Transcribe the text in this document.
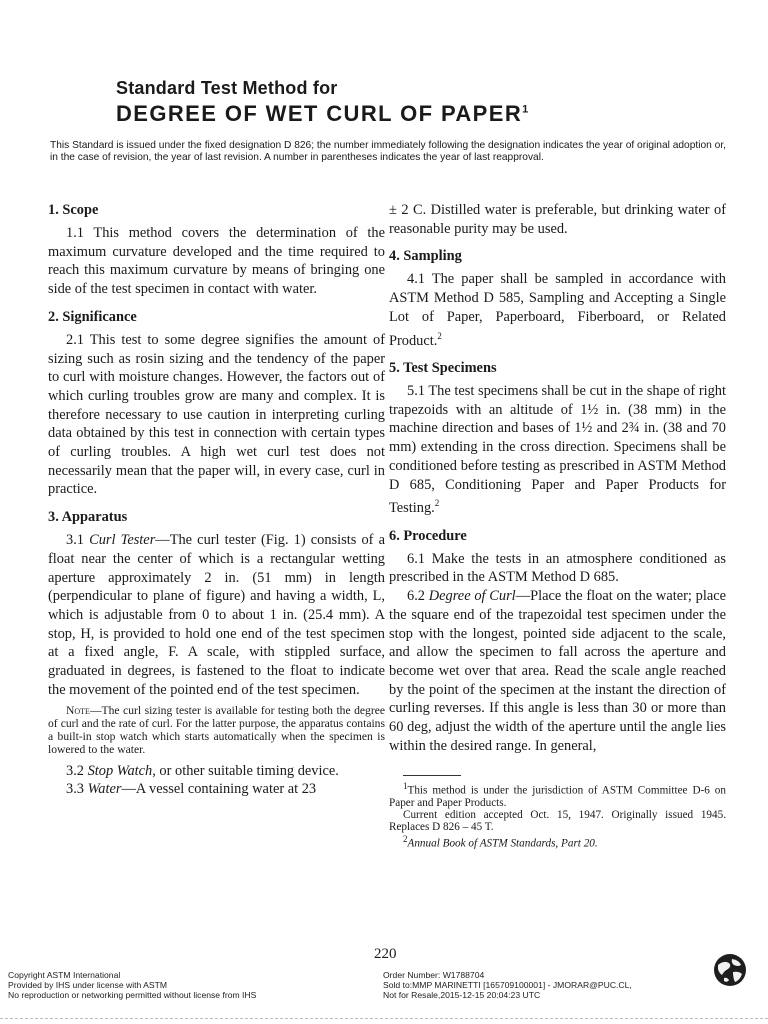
Standard Test Method for
DEGREE OF WET CURL OF PAPER$^1$
This Standard is issued under the fixed designation D 826; the number immediately following the designation indicates the year of original adoption or, in the case of revision, the year of last revision. A number in parentheses indicates the year of last reapproval.
1. Scope

1.1 This method covers the determination of the maximum curvature developed and the time required to reach this maximum curvature by means of bringing one side of the test specimen in contact with water.

2. Significance

2.1 This test to some degree signifies the amount of sizing such as rosin sizing and the tendency of the paper to curl with moisture changes. However, the factors out of which curling troubles grow are many and complex. It is therefore necessary to use caution in interpreting curling data obtained by this test in connection with certain types of curling troubles. A high wet curl test does not necessarily mean that the paper will, in every case, curl in practice.

3. Apparatus

3.1 Curl Tester—The curl tester (Fig. 1) consists of a float near the center of which is a rectangular wetting aperture approximately 2 in. (51 mm) in length (perpendicular to plane of figure) and having a width, L, which is adjustable from 0 to about 1 in. (25.4 mm). A stop, H, is provided to hold one end of the test specimen at a fixed angle, F. A scale, with stippled surface, graduated in degrees, is fastened to the float to indicate the movement of the pointed end of the test specimen.

Note—The curl sizing tester is available for testing both the degree of curl and the rate of curl. For the latter purpose, the apparatus contains a built-in stop watch which starts automatically when the specimen is lowered to the water.

3.2 Stop Watch, or other suitable timing device.

3.3 Water—A vessel containing water at 23

± 2 C. Distilled water is preferable, but drinking water of reasonable purity may be used.

4. Sampling

4.1 The paper shall be sampled in accordance with ASTM Method D 585, Sampling and Accepting a Single Lot of Paper, Paperboard, Fiberboard, or Related Product.$^2$

5. Test Specimens

5.1 The test specimens shall be cut in the shape of right trapezoids with an altitude of 1½ in. (38 mm) in the machine direction and bases of 1½ and 2¾ in. (38 and 70 mm) extending in the cross direction. Specimens shall be conditioned before testing as prescribed in ASTM Method D 685, Conditioning Paper and Paper Products for Testing.$^2$

6. Procedure

6.1 Make the tests in an atmosphere conditioned as prescribed in the ASTM Method D 685.

6.2 Degree of Curl—Place the float on the water; place the square end of the trapezoidal test specimen under the stop with the longest, pointed side adjacent to the scale, and allow the specimen to fall across the aperture and become wet over that area. Read the scale angle reached by the point of the specimen at the instant the direction of curling reverses. If this angle is less than 30 or more than 60 deg, adjust the width of the aperture until the angle lies within the desired range. In general,

$^1$This method is under the jurisdiction of ASTM Committee D-6 on Paper and Paper Products.

Current edition accepted Oct. 15, 1947. Originally issued 1945. Replaces D 826 – 45 T.

$^2$Annual Book of ASTM Standards, Part 20.

220
Copyright ASTM International
Provided by IHS under license with ASTM
No reproduction or networking permitted without license from IHS
Order Number: W1788704
Sold to:MMP MARINETTI [165709100001] - JMORAR@PUC.CL,
Not for Resale,2015-12-15 20:04:23 UTC
